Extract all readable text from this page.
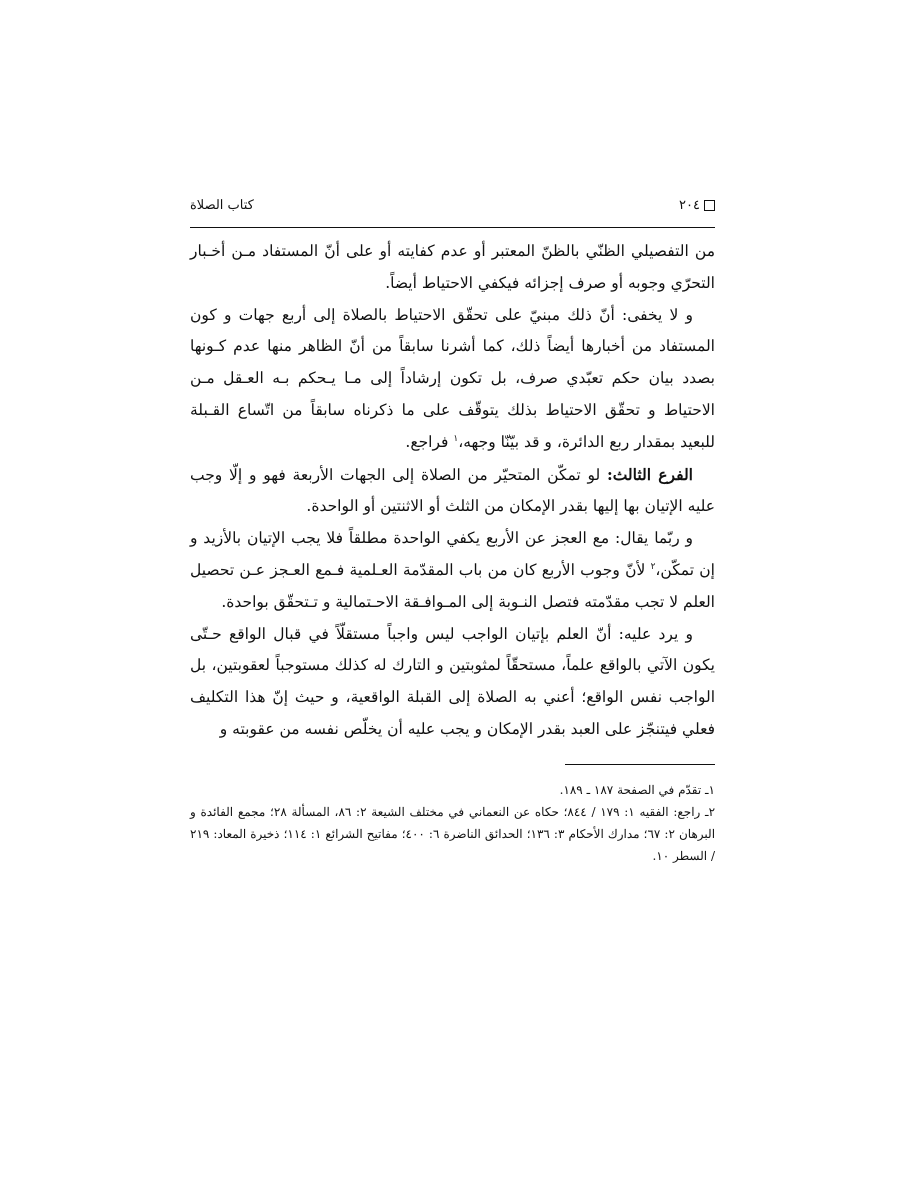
٢٠٤
كتاب الصلاة

من التفصيلي الظنّي بالظنّ المعتبر أو عدم كفايته أو على أنّ المستفاد مـن أخـبار التحرّي وجوبه أو صرف إجزائه فيكفي الاحتياط أيضاً.

و لا يخفى: أنّ ذلك مبنيّ على تحقّق الاحتياط بالصلاة إلى أربع جهات و كون المستفاد من أخبارها أيضاً ذلك، كما أشرنا سابقاً من أنّ الظاهر منها عدم كـونها بصدد بيان حكم تعبّدي صرف، بل تكون إرشاداً إلى مـا يـحكم بـه العـقل مـن الاحتياط و تحقّق الاحتياط بذلك يتوقّف على ما ذكرناه سابقاً من اتّساع القـبلة للبعيد بمقدار ربع الدائرة، و قد بيّنّا وجهه،$^١$ فراجع.

الفرع الثالث: لو تمكّن المتحيّر من الصلاة إلى الجهات الأربعة فهو و إلّا وجب عليه الإتيان بها إليها بقدر الإمكان من الثلث أو الاثنتين أو الواحدة.

و ربّما يقال: مع العجز عن الأربع يكفي الواحدة مطلقاً فلا يجب الإتيان بالأزيد و إن تمكّن،$^٢$ لأنّ وجوب الأربع كان من باب المقدّمة العـلمية فـمع العـجز عـن تحصيل العلم لا تجب مقدّمته فتصل النـوبة إلى المـوافـقة الاحـتمالية و تـتحقّق بواحدة.

و يرد عليه: أنّ العلم بإتيان الواجب ليس واجباً مستقلّاً في قبال الواقع حـتّى يكون الآتي بالواقع علماً، مستحقّاً لمثوبتين و التارك له كذلك مستوجباً لعقوبتين، بل الواجب نفس الواقع؛ أعني به الصلاة إلى القبلة الواقعية، و حيث إنّ هذا التكليف فعلي فيتنجّز على العبد بقدر الإمكان و يجب عليه أن يخلّص نفسه من عقوبته و

١ـ تقدّم في الصفحة ١٨٧ ـ ١٨٩.

٢ـ راجع: الفقيه ١: ١٧٩ / ٨٤٤؛ حكاه عن النعماني في مختلف الشيعة ٢: ٨٦، المسألة ٢٨؛ مجمع الفائدة و البرهان ٢: ٦٧؛ مدارك الأحكام ٣: ١٣٦؛ الحدائق الناضرة ٦: ٤٠٠؛ مفاتيح الشرائع ١: ١١٤؛ ذخيرة المعاد: ٢١٩ / السطر ١٠.
